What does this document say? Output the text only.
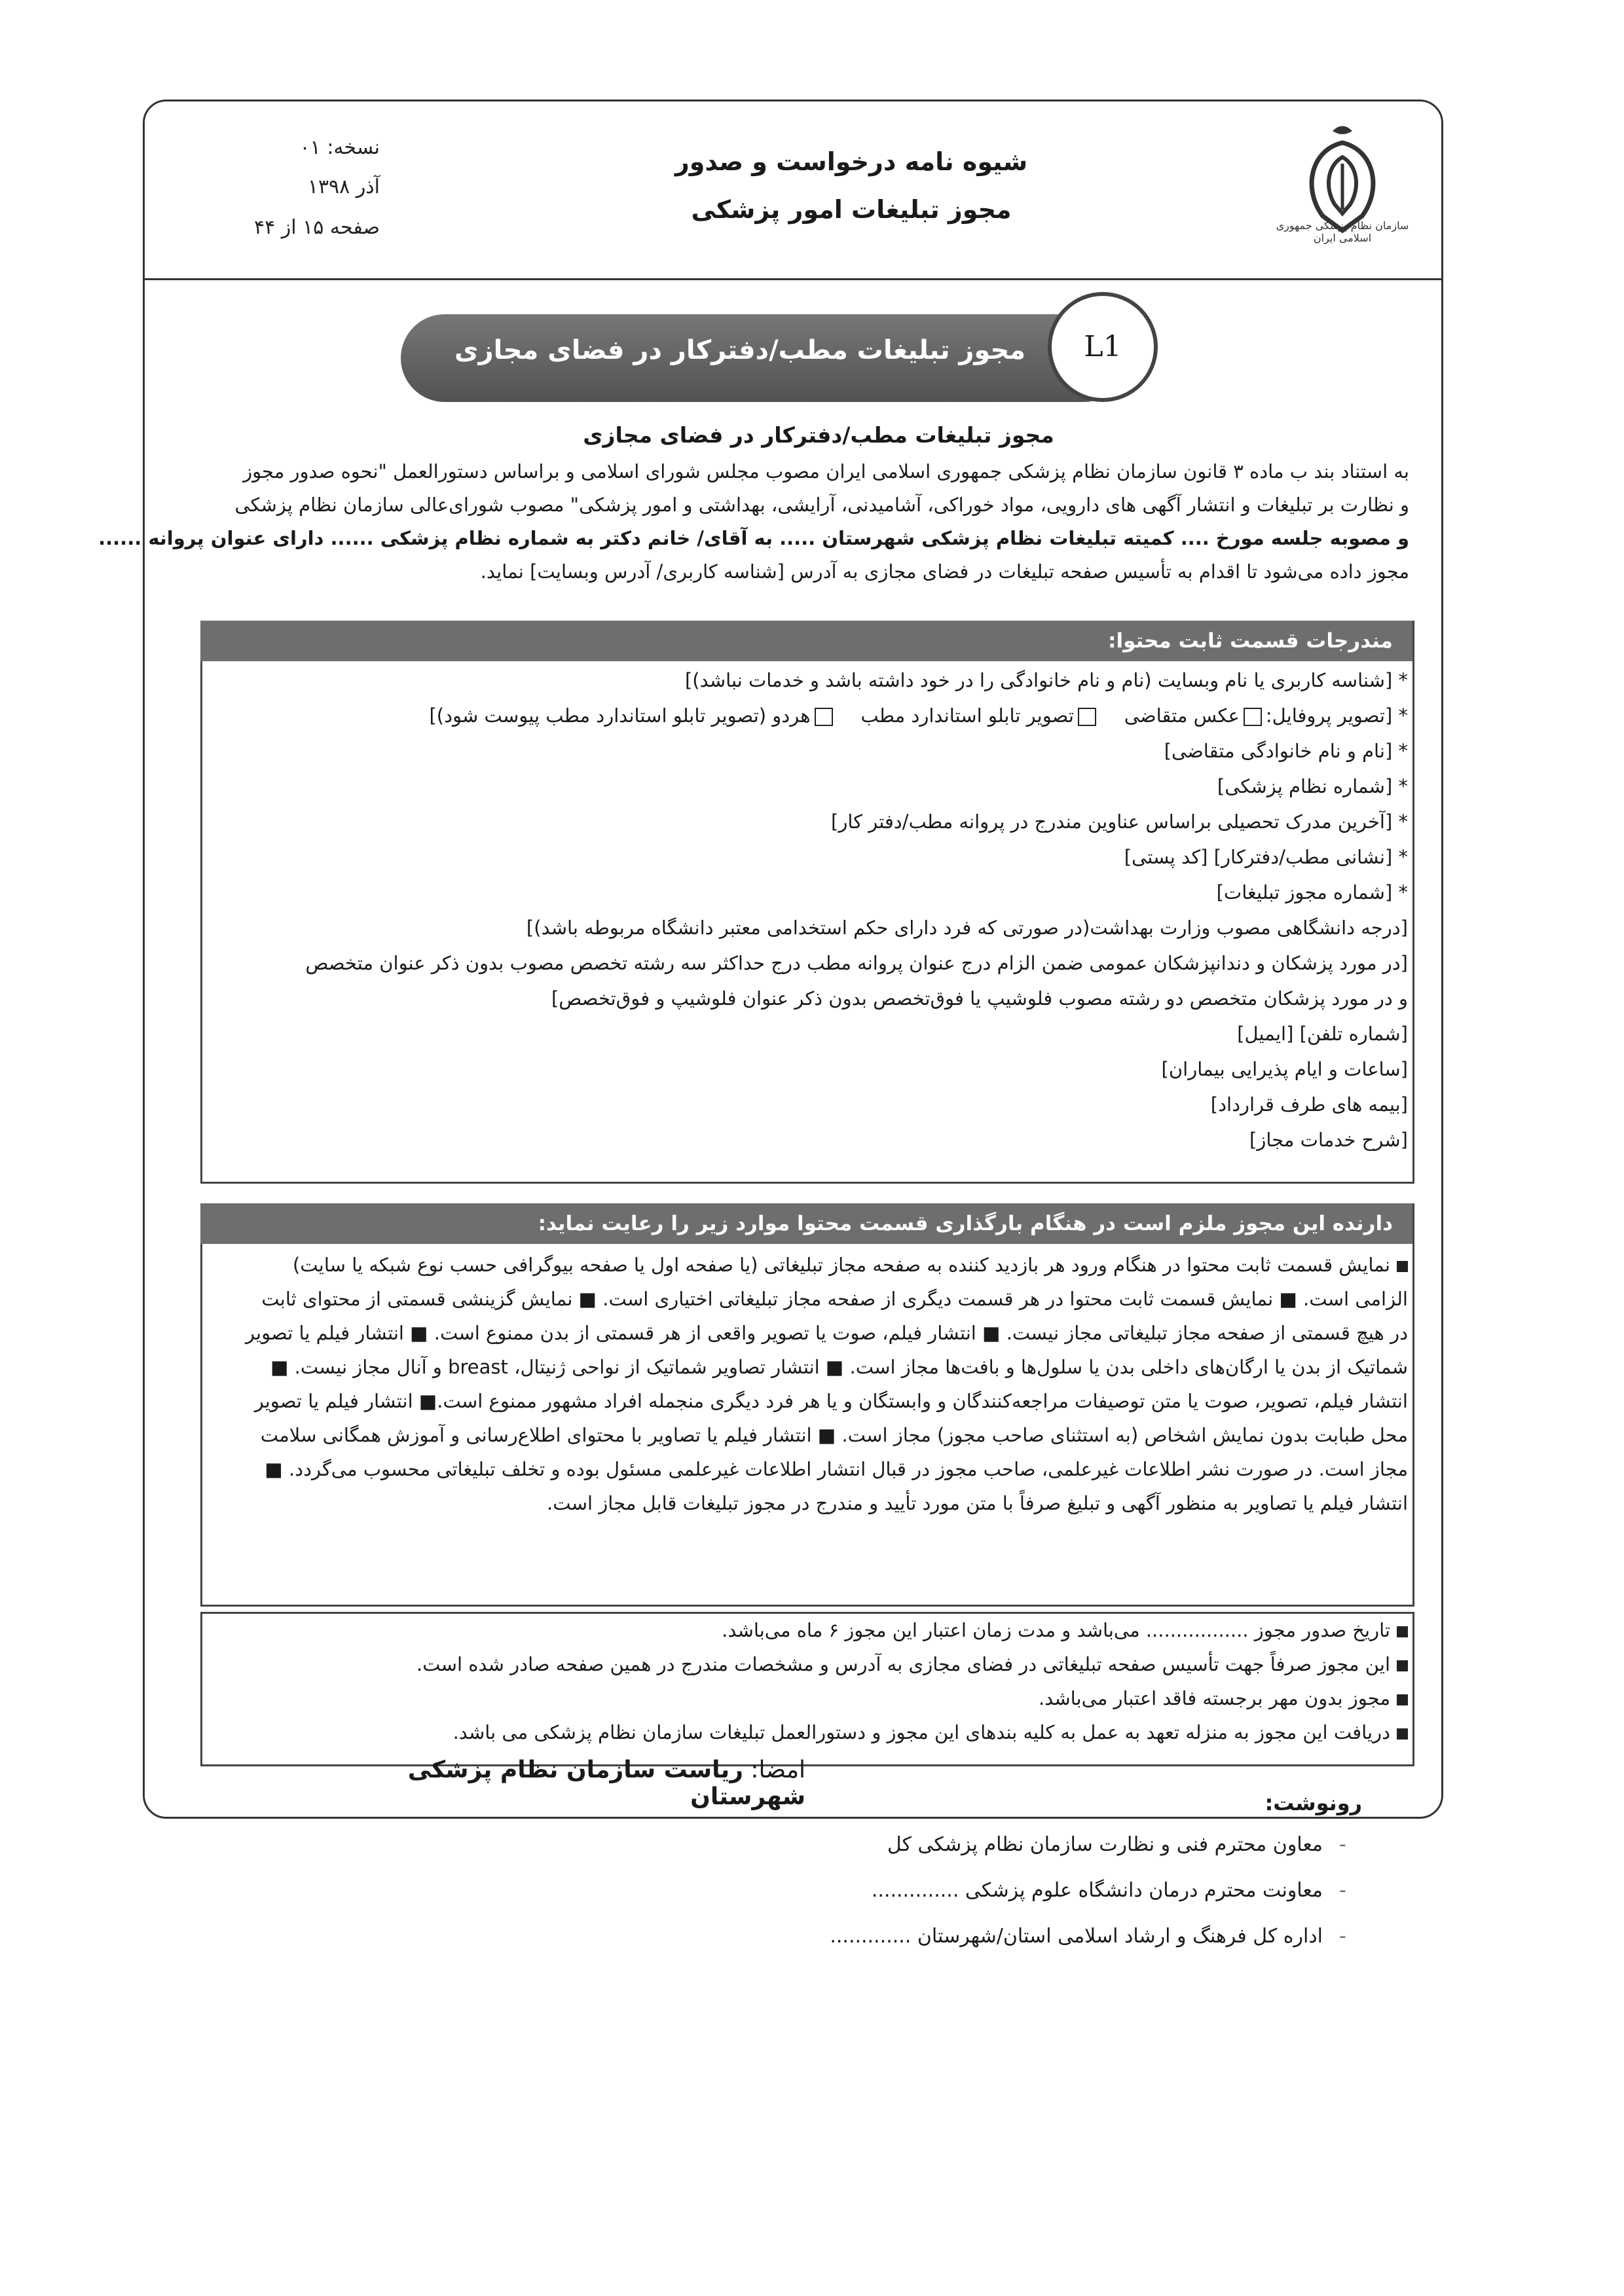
سازمان نظام پزشکی جمهوری اسلامی ایران
شیوه نامه درخواست و صدور
مجوز تبلیغات امور پزشکی
نسخه: ۰۱
آذر ۱۳۹۸
صفحه ۱۵ از ۴۴
مجوز تبلیغات مطب/دفترکار در فضای مجازی	L1
مجوز تبلیغات مطب/دفترکار در فضای مجازی
به استناد بند ب ماده ۳ قانون سازمان نظام پزشکی جمهوری اسلامی ایران مصوب مجلس شورای اسلامی و براساس دستورالعمل "نحوه صدور مجوز
و نظارت بر تبلیغات و انتشار آگهی های دارویی، مواد خوراکی، آشامیدنی، آرایشی، بهداشتی و امور پزشکی" مصوب شورای‌عالی سازمان نظام پزشکی
و مصوبه جلسه مورخ .... کمیته تبلیغات نظام پزشکی شهرستان ..... به آقای/ خانم دکتر به شماره نظام پزشکی ...... دارای عنوان پروانه ......
مجوز داده می‌شود تا اقدام به تأسیس صفحه تبلیغات در فضای مجازی به آدرس [شناسه کاربری/ آدرس وبسایت] نماید.
مندرجات قسمت ثابت محتوا:
* [شناسه کاربری یا نام وبسایت (نام و نام خانوادگی را در خود داشته باشد و خدمات نباشد)]
* [تصویر پروفایل:عکس متقاضی    تصویر تابلو استاندارد مطب    هردو (تصویر تابلو استاندارد مطب پیوست شود)]
* [نام و نام خانوادگی متقاضی]
* [شماره نظام پزشکی]
* [آخرین مدرک تحصیلی براساس عناوین مندرج در پروانه مطب/دفتر کار]
* [نشانی مطب/دفترکار] [کد پستی]
* [شماره مجوز تبلیغات]
[درجه دانشگاهی مصوب وزارت بهداشت(در صورتی که فرد دارای حکم استخدامی معتبر دانشگاه مربوطه باشد)]
[در مورد پزشکان و دندانپزشکان عمومی ضمن الزام درج عنوان پروانه مطب درج حداکثر سه رشته تخصص مصوب بدون ذکر عنوان متخصص
و در مورد پزشکان متخصص دو رشته مصوب فلوشیپ یا فوق‌تخصص بدون ذکر عنوان فلوشیپ و فوق‌تخصص]
[شماره تلفن] [ایمیل]
[ساعات و ایام پذیرایی بیماران]
[بیمه های طرف قرارداد]
[شرح خدمات مجاز]
دارنده این مجوز ملزم است در هنگام بارگذاری قسمت محتوا موارد زیر را رعایت نماید:
نمایش قسمت ثابت محتوا در هنگام ورود هر بازدید کننده به صفحه مجاز تبلیغاتی (یا صفحه اول یا صفحه بیوگرافی حسب نوع شبکه یا سایت)
الزامی است. ■ نمایش قسمت ثابت محتوا در هر قسمت دیگری از صفحه مجاز تبلیغاتی اختیاری است. ■ نمایش گزینشی قسمتی از محتوای ثابت
در هیچ قسمتی از صفحه مجاز تبلیغاتی مجاز نیست. ■ انتشار فیلم، صوت یا تصویر واقعی از هر قسمتی از بدن ممنوع است. ■ انتشار فیلم یا تصویر
شماتیک از بدن یا ارگان‌های داخلی بدن یا سلول‌ها و بافت‌ها مجاز است. ■ انتشار تصاویر شماتیک از نواحی ژنیتال، breast و آنال مجاز نیست. ■
انتشار فیلم، تصویر، صوت یا متن توصیفات مراجعه‌کنندگان و وابستگان و یا هر فرد دیگری منجمله افراد مشهور ممنوع است.■ انتشار فیلم یا تصویر
محل طبابت بدون نمایش اشخاص (به استثنای صاحب مجوز) مجاز است. ■ انتشار فیلم یا تصاویر با محتوای اطلاع‌رسانی و آموزش همگانی سلامت
مجاز است. در صورت نشر اطلاعات غیرعلمی، صاحب مجوز در قبال انتشار اطلاعات غیرعلمی مسئول بوده و تخلف تبلیغاتی محسوب می‌گردد. ■
انتشار فیلم یا تصاویر به منظور آگهی و تبلیغ صرفاً با متن مورد تأیید و مندرج در مجوز تبلیغات قابل مجاز است.
تاریخ صدور مجوز ................. می‌باشد و مدت زمان اعتبار این مجوز ۶ ماه می‌باشد.
این مجوز صرفاً جهت تأسیس صفحه تبلیغاتی در فضای مجازی به آدرس و مشخصات مندرج در همین صفحه صادر شده است.
مجوز بدون مهر برجسته فاقد اعتبار می‌باشد.
دریافت این مجوز به منزله تعهد به عمل به کلیه بندهای این مجوز و دستورالعمل تبلیغات سازمان نظام پزشکی می باشد.
امضا: ریاست سازمان نظام پزشکی شهرستان	رونوشت:
-
معاون محترم فنی و نظارت سازمان نظام پزشکی کل
-
معاونت محترم درمان دانشگاه علوم پزشکی ..............
-
اداره کل فرهنگ و ارشاد اسلامی استان/شهرستان .............
